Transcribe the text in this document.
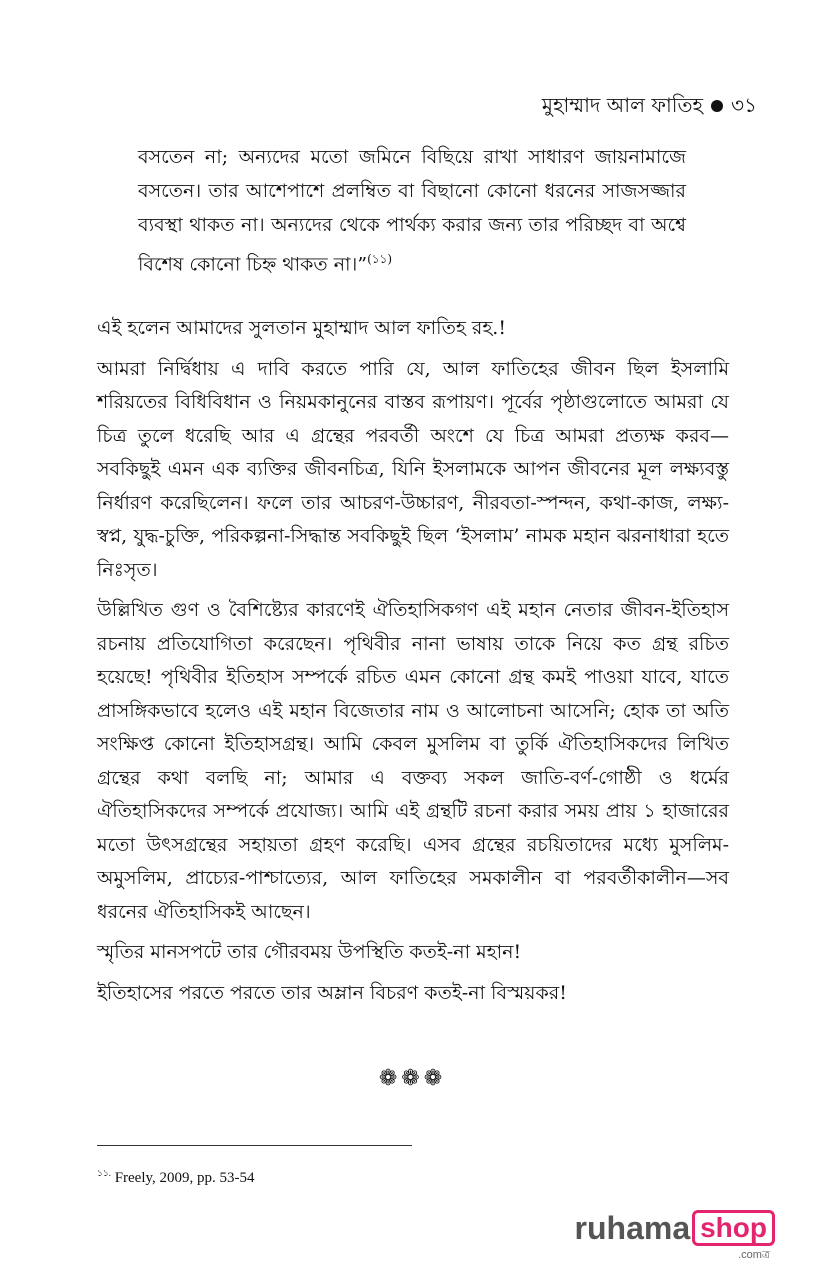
মুহাম্মাদ আল ফাতিহ ৩১
বসতেন না; অন্যদের মতো জমিনে বিছিয়ে রাখা সাধারণ জায়নামাজে বসতেন। তার আশেপাশে প্রলম্বিত বা বিছানো কোনো ধরনের সাজসজ্জার ব্যবস্থা থাকত না। অন্যদের থেকে পার্থক্য করার জন্য তার পরিচ্ছদ বা অশ্বে বিশেষ কোনো চিহ্ন থাকত না।”$^{(১১)}$

এই হলেন আমাদের সুলতান মুহাম্মাদ আল ফাতিহ রহ.!

আমরা নির্দ্বিধায় এ দাবি করতে পারি যে, আল ফাতিহের জীবন ছিল ইসলামি শরিয়তের বিধিবিধান ও নিয়মকানুনের বাস্তব রূপায়ণ। পূর্বের পৃষ্ঠাগুলোতে আমরা যে চিত্র তুলে ধরেছি আর এ গ্রন্থের পরবর্তী অংশে যে চিত্র আমরা প্রত্যক্ষ করব—সবকিছুই এমন এক ব্যক্তির জীবনচিত্র, যিনি ইসলামকে আপন জীবনের মূল লক্ষ্যবস্তু নির্ধারণ করেছিলেন। ফলে তার আচরণ-উচ্চারণ, নীরবতা-স্পন্দন, কথা-কাজ, লক্ষ্য-স্বপ্ন, যুদ্ধ-চুক্তি, পরিকল্পনা-সিদ্ধান্ত সবকিছুই ছিল ‘ইসলাম’ নামক মহান ঝরনাধারা হতে নিঃসৃত।

উল্লিখিত গুণ ও বৈশিষ্ট্যের কারণেই ঐতিহাসিকগণ এই মহান নেতার জীবন-ইতিহাস রচনায় প্রতিযোগিতা করেছেন। পৃথিবীর নানা ভাষায় তাকে নিয়ে কত গ্রন্থ রচিত হয়েছে! পৃথিবীর ইতিহাস সম্পর্কে রচিত এমন কোনো গ্রন্থ কমই পাওয়া যাবে, যাতে প্রাসঙ্গিকভাবে হলেও এই মহান বিজেতার নাম ও আলোচনা আসেনি; হোক তা অতি সংক্ষিপ্ত কোনো ইতিহাসগ্রন্থ। আমি কেবল মুসলিম বা তুর্কি ঐতিহাসিকদের লিখিত গ্রন্থের কথা বলছি না; আমার এ বক্তব্য সকল জাতি-বর্ণ-গোষ্ঠী ও ধর্মের ঐতিহাসিকদের সম্পর্কে প্রযোজ্য। আমি এই গ্রন্থটি রচনা করার সময় প্রায় ১ হাজারের মতো উৎসগ্রন্থের সহায়তা গ্রহণ করেছি। এসব গ্রন্থের রচয়িতাদের মধ্যে মুসলিম-অমুসলিম, প্রাচ্যের-পাশ্চাত্যের, আল ফাতিহের সমকালীন বা পরবর্তীকালীন—সব ধরনের ঐতিহাসিকই আছেন।

স্মৃতির মানসপটে তার গৌরবময় উপস্থিতি কতই-না মহান!

ইতিহাসের পরতে পরতে তার অম্লান বিচরণ কতই-না বিস্ময়কর!

❁❁❁
$^{১১.}$ Freely, 2009, pp. 53-54
ruhama shop
.comত্র
